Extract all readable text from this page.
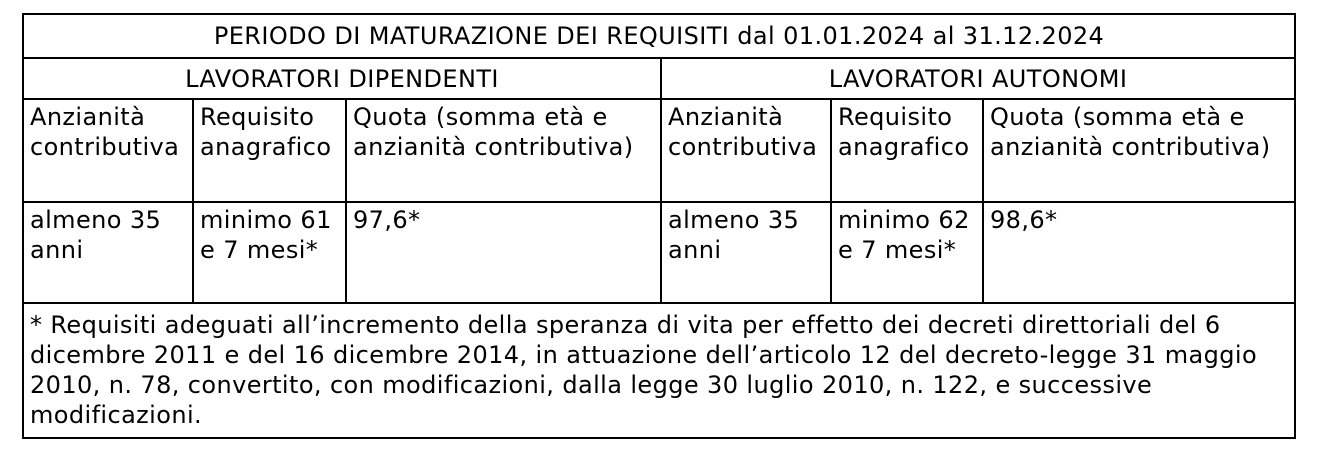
PERIODO DI MATURAZIONE DEI REQUISITI dal 01.01.2024 al 31.12.2024					
LAVORATORI DIPENDENTI			LAVORATORI AUTONOMI		
Anzianità contributiva	Requisito anagrafico	Quota (somma età e anzianità contributiva)	Anzianità contributiva	Requisito anagrafico	Quota (somma età e anzianità contributiva)
almeno 35 anni	minimo 61 e 7 mesi*	97,6*	almeno 35 anni	minimo 62 e 7 mesi*	98,6*
* Requisiti adeguati all’incremento della speranza di vita per effetto dei decreti direttoriali del 6 dicembre 2011 e del 16 dicembre 2014, in attuazione dell’articolo 12 del decreto-legge 31 maggio 2010, n. 78, convertito, con modificazioni, dalla legge 30 luglio 2010, n. 122, e successive modificazioni.					
